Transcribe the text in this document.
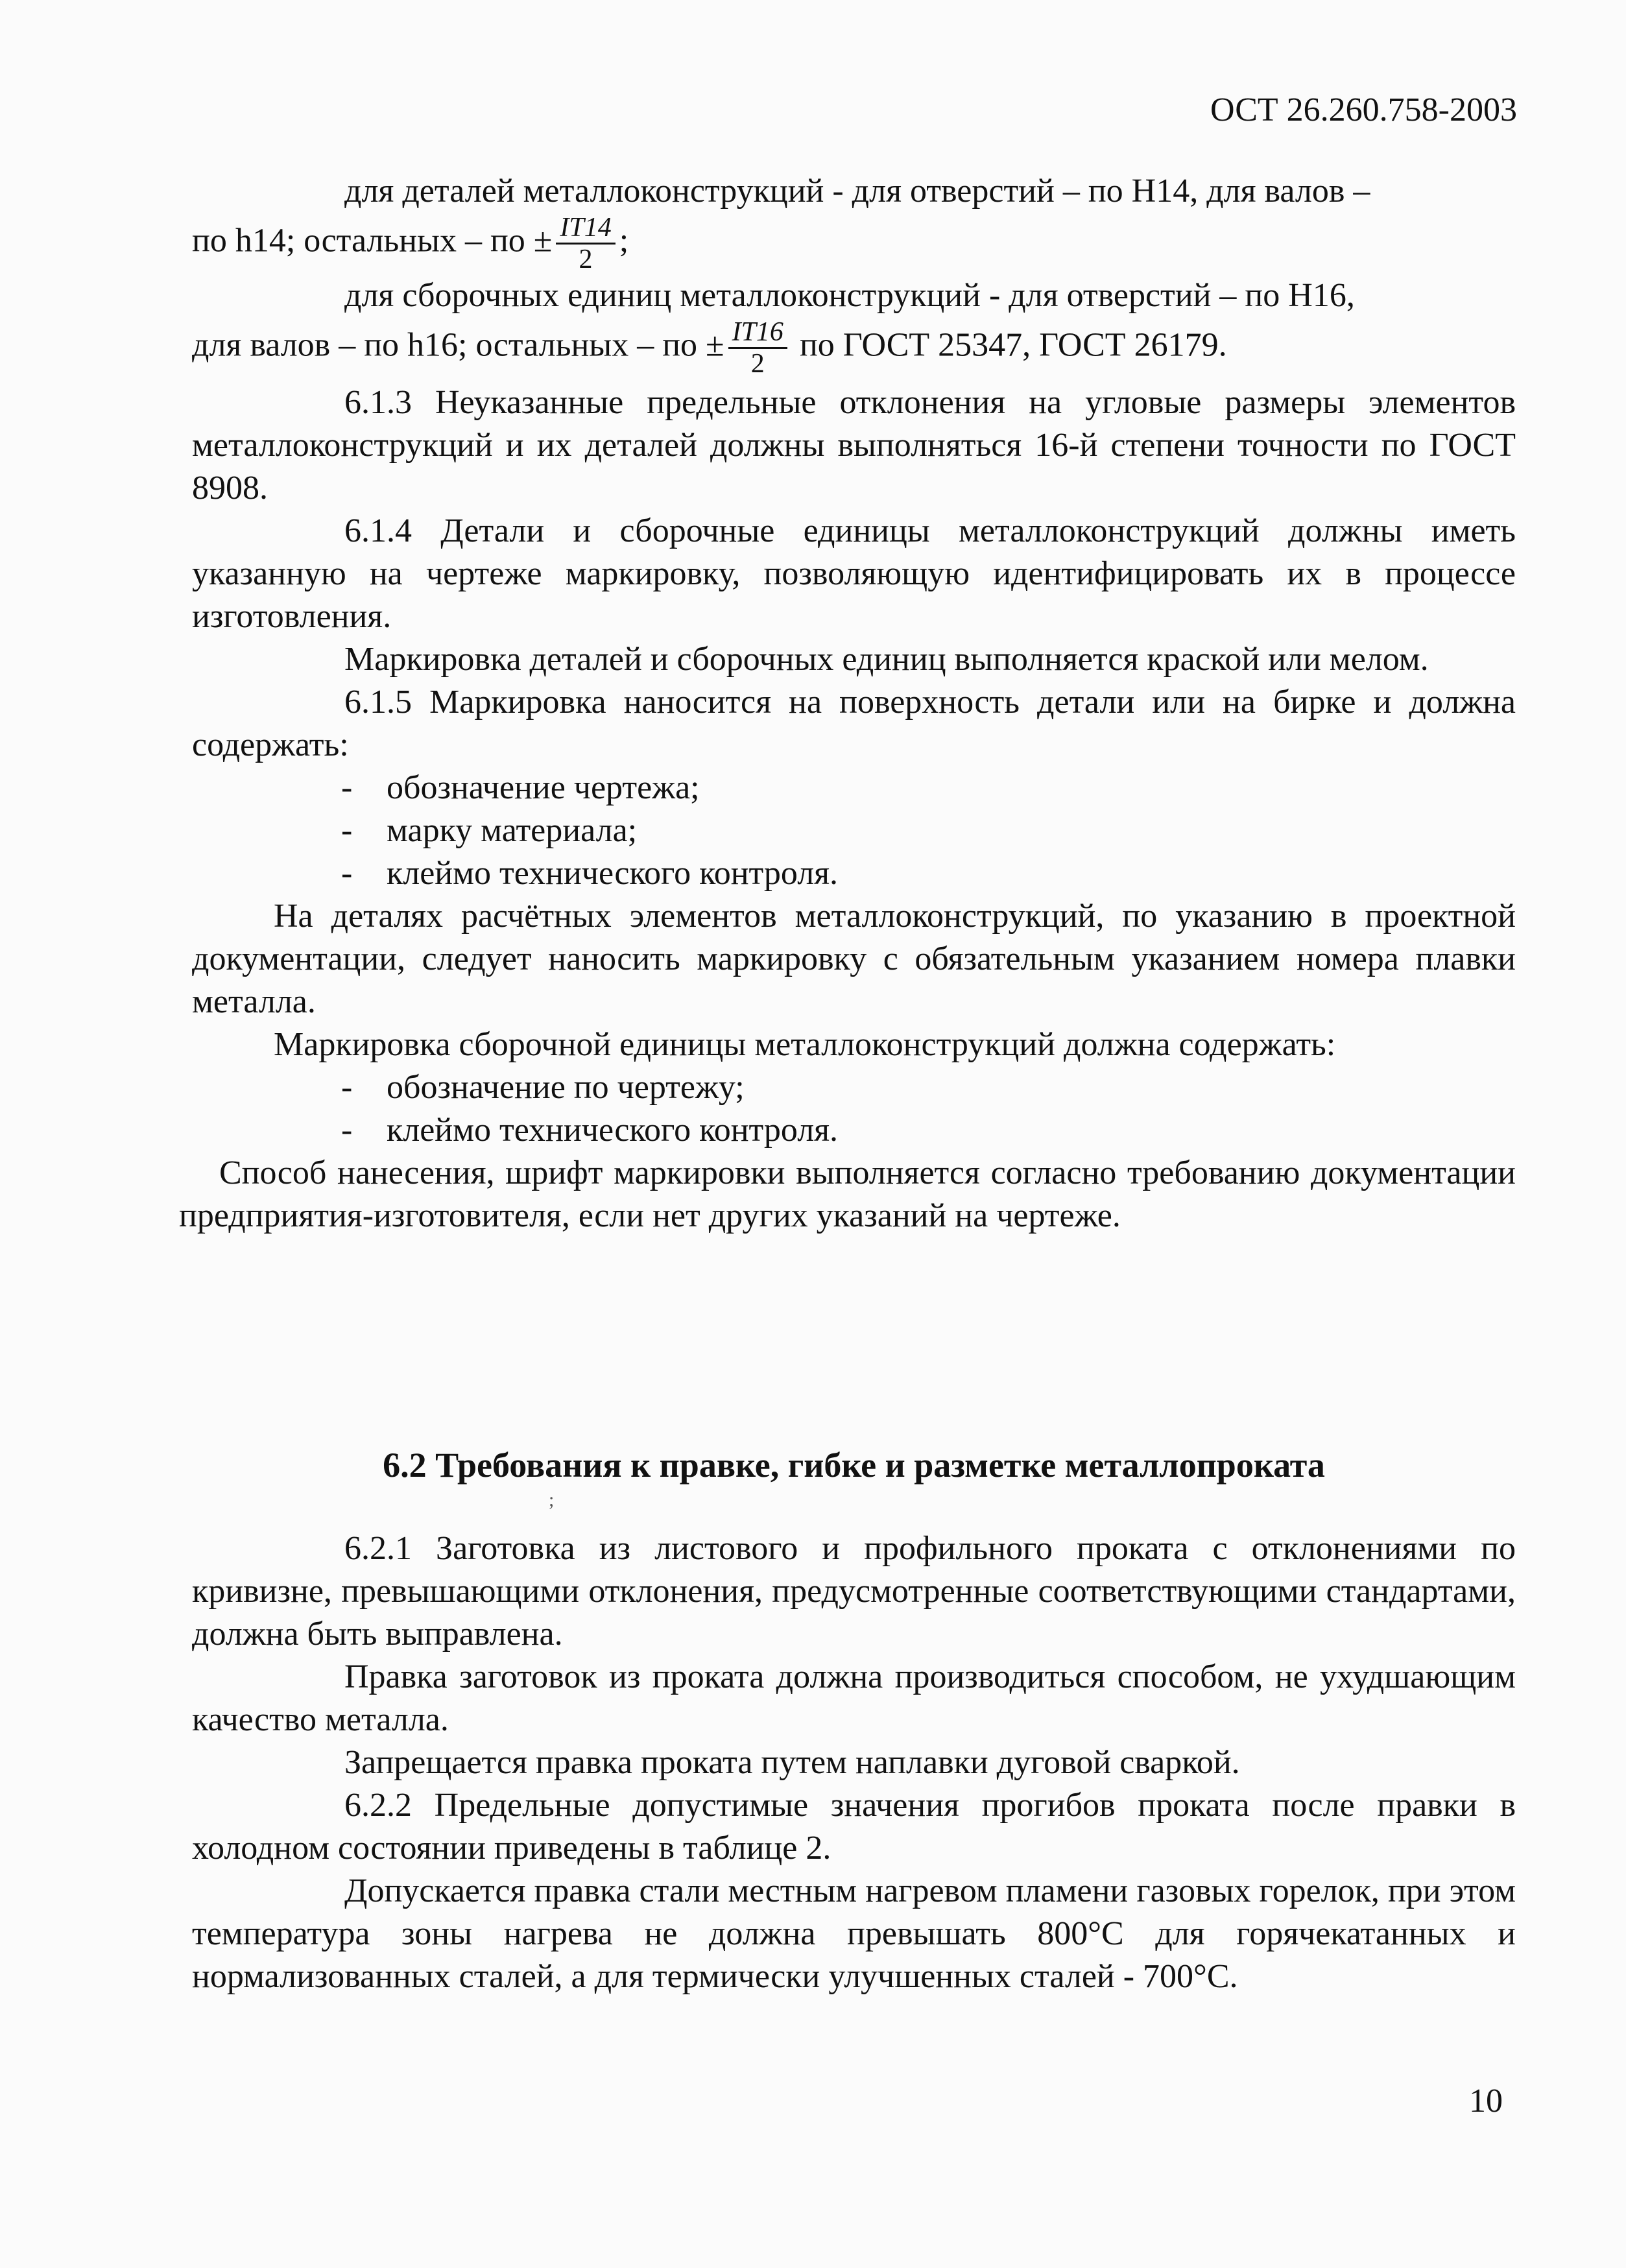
ОСТ 26.260.758-2003

для деталей металлоконструкций - для отверстий – по Н14, для валов –

по h14; остальных – по ± $\frac{IT14}{2}$ ;

для сборочных единиц металлоконструкций - для отверстий – по Н16,

для валов – по h16; остальных – по ± $\frac{IT16}{2}$ по ГОСТ 25347, ГОСТ 26179.

6.1.3 Неуказанные предельные отклонения на угловые размеры элементов металлоконструкций и их деталей должны выполняться 16-й степени точности по ГОСТ 8908.

6.1.4 Детали и сборочные единицы металлоконструкций должны иметь указанную на чертеже маркировку, позволяющую идентифицировать их в процессе изготовления.

Маркировка деталей и сборочных единиц выполняется краской или мелом.

6.1.5 Маркировка наносится на поверхность детали или на бирке и должна содержать:

- обозначение чертежа;
- марку материала;
- клеймо технического контроля.

На деталях расчётных элементов металлоконструкций, по указанию в проектной документации, следует наносить маркировку с обязательным указанием номера плавки металла.

Маркировка сборочной единицы металлоконструкций должна содержать:

- обозначение по чертежу;
- клеймо технического контроля.

Способ нанесения, шрифт маркировки выполняется согласно требованию документации предприятия-изготовителя, если нет других указаний на чертеже.

6.2 Требования к правке, гибке и разметке металлопроката
;

6.2.1 Заготовка из листового и профильного проката с отклонениями по кривизне, превышающими отклонения, предусмотренные соответствующими стандартами, должна быть выправлена.

Правка заготовок из проката должна производиться способом, не ухудшающим качество металла.

Запрещается правка проката путем наплавки дуговой сваркой.

6.2.2 Предельные допустимые значения прогибов проката после правки в холодном состоянии приведены в таблице 2.

Допускается правка стали местным нагревом пламени газовых горелок, при этом температура зоны нагрева не должна превышать 800°С для горячекатанных и нормализованных сталей, а для термически улучшенных сталей - 700°С.

10
